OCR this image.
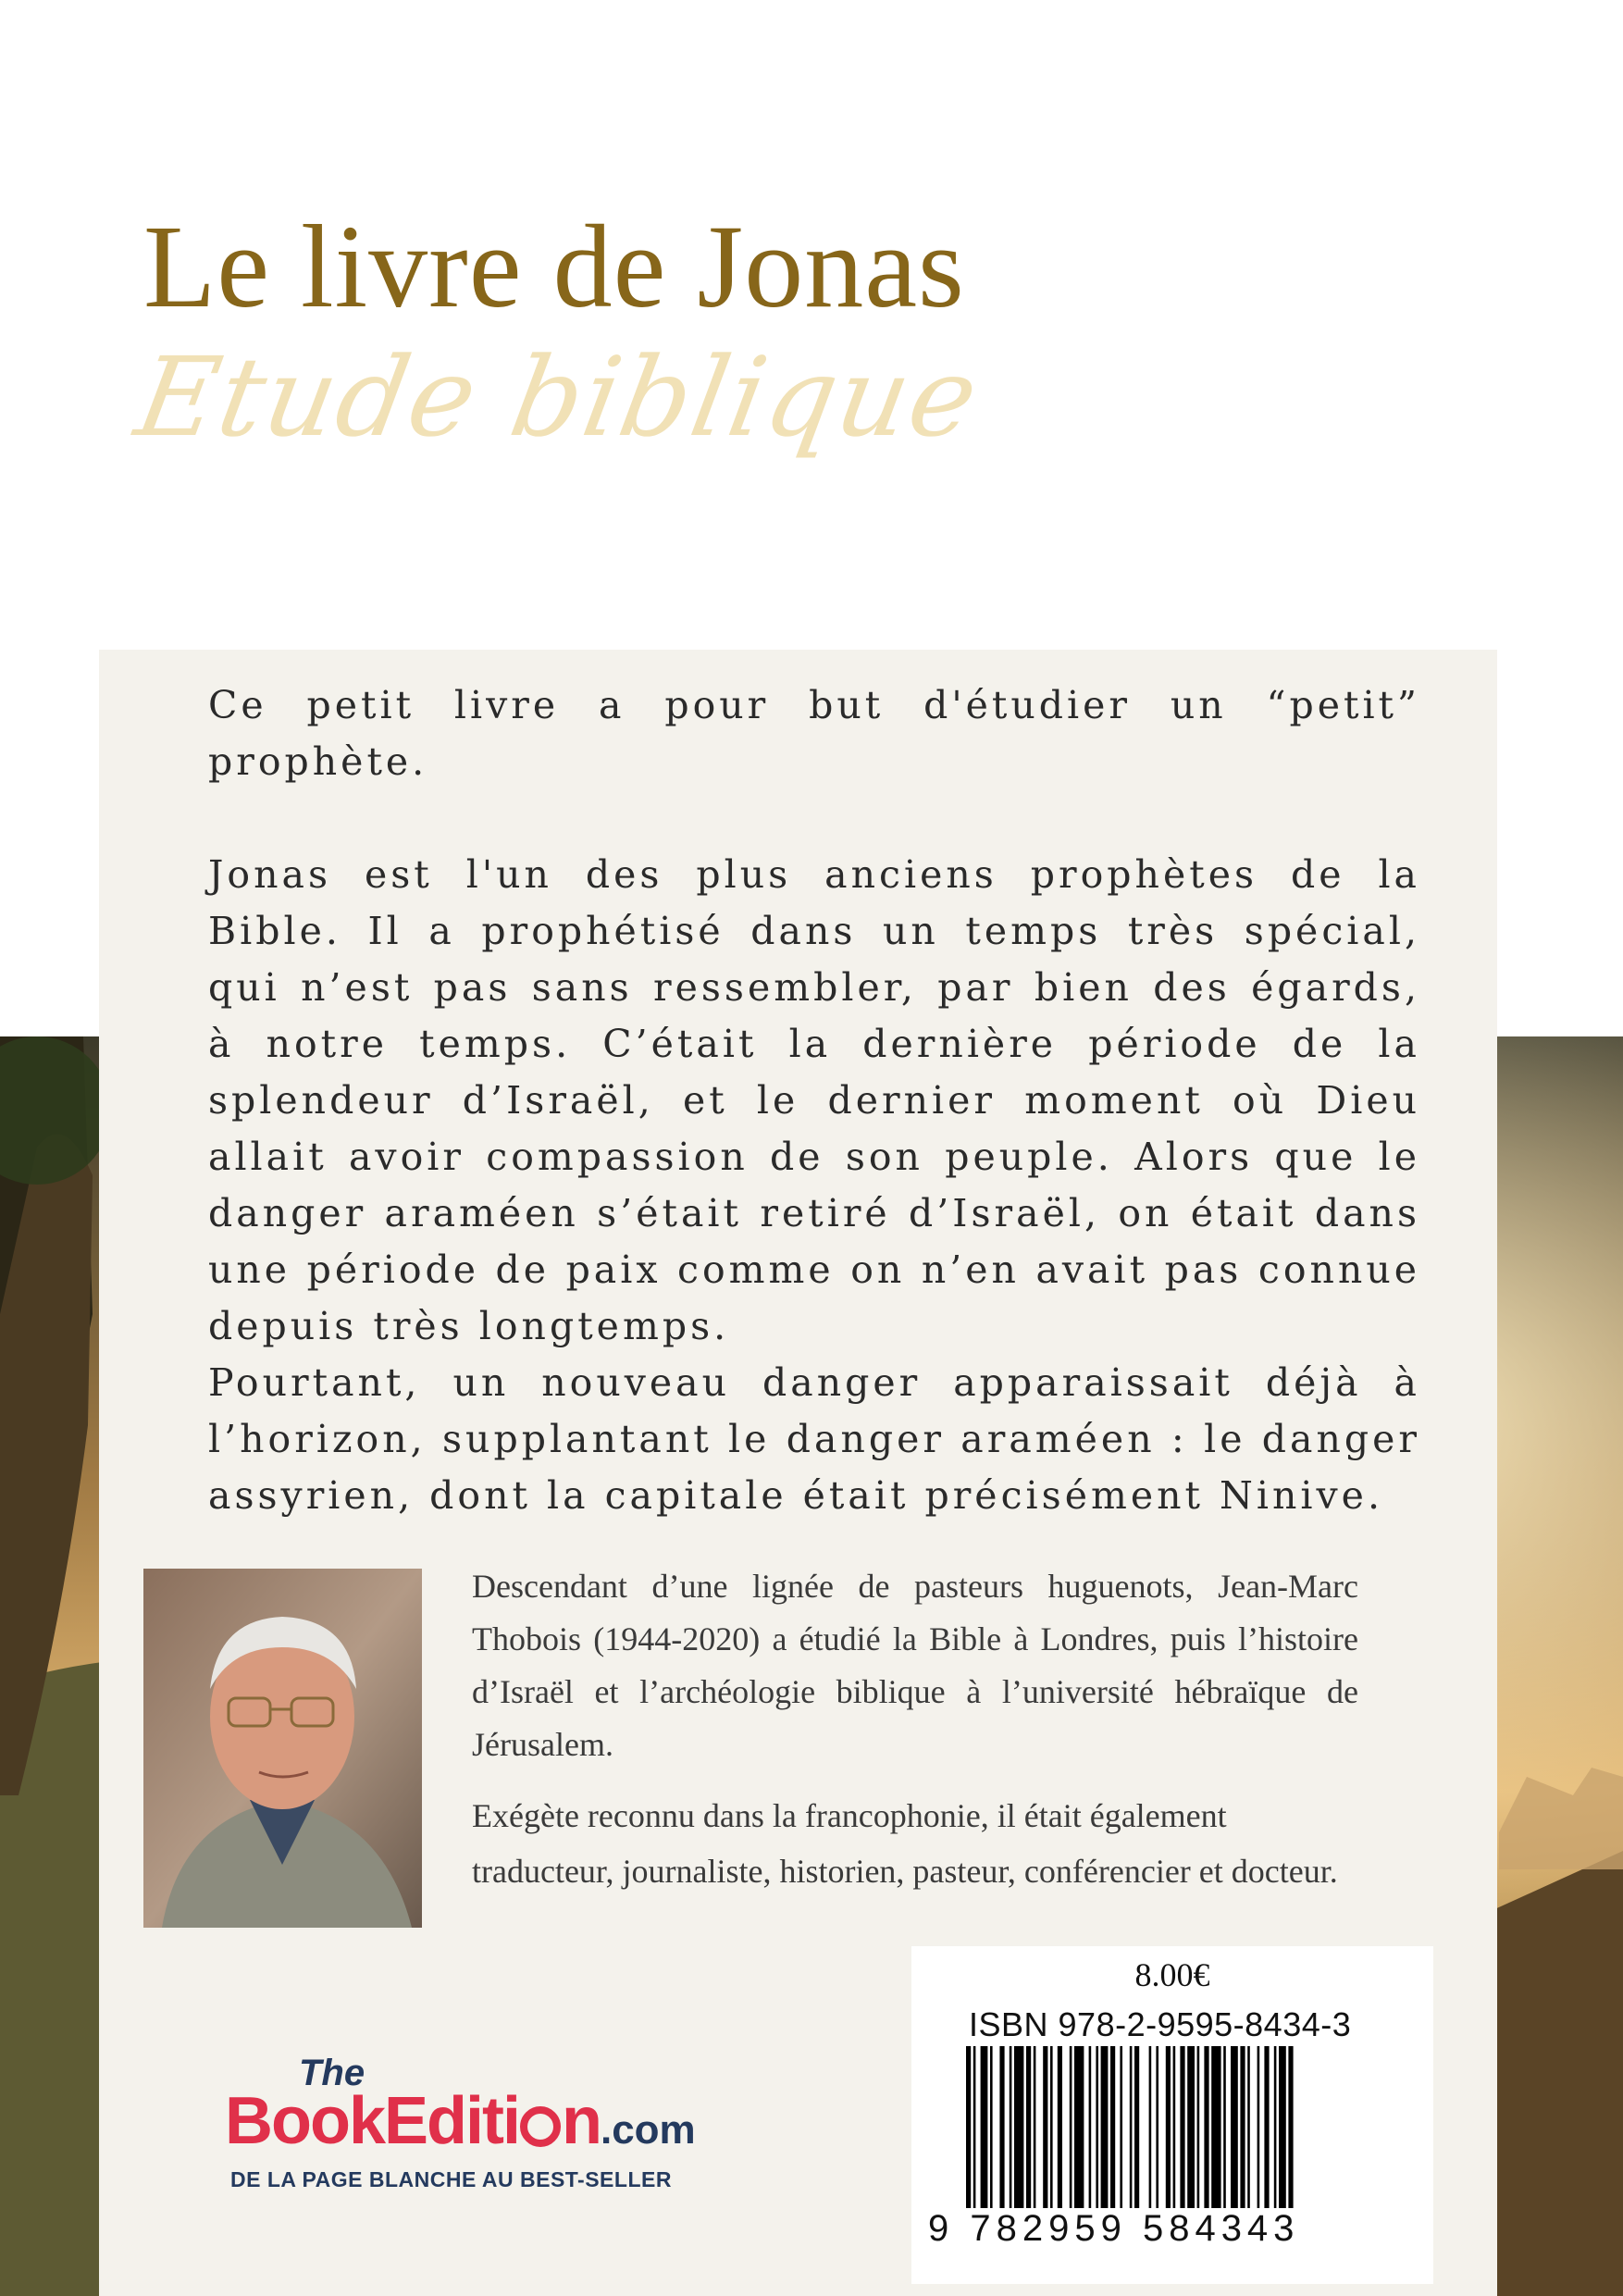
Le livre de Jonas
Etude biblique

Ce petit livre a pour but d'étudier un “petit” prophète.

Jonas est l'un des plus anciens prophètes de la Bible. Il a prophétisé dans un temps très spécial, qui n’est pas sans ressembler, par bien des égards, à notre temps. C’était la dernière période de la splendeur d’Israël, et le dernier moment où Dieu allait avoir compassion de son peuple. Alors que le danger araméen s’était retiré d’Israël, on était dans une période de paix comme on n’en avait pas connue depuis très longtemps.

Pourtant, un nouveau danger apparaissait déjà à l’horizon, supplantant le danger araméen : le danger assyrien, dont la capitale était précisément Ninive.

Descendant d’une lignée de pasteurs huguenots, Jean-Marc Thobois (1944-2020) a étudié la Bible à Londres, puis l’histoire d’Israël et l’archéologie biblique à l’université hébraïque de Jérusalem.

Exégète reconnu dans la francophonie, il était également traducteur, journaliste, historien, pasteur, conférencier et docteur.

The
BookEditi n.com
DE LA PAGE BLANCHE AU BEST-SELLER
8.00€
ISBN 978-2-9595-8434-3
9 782959 584343
